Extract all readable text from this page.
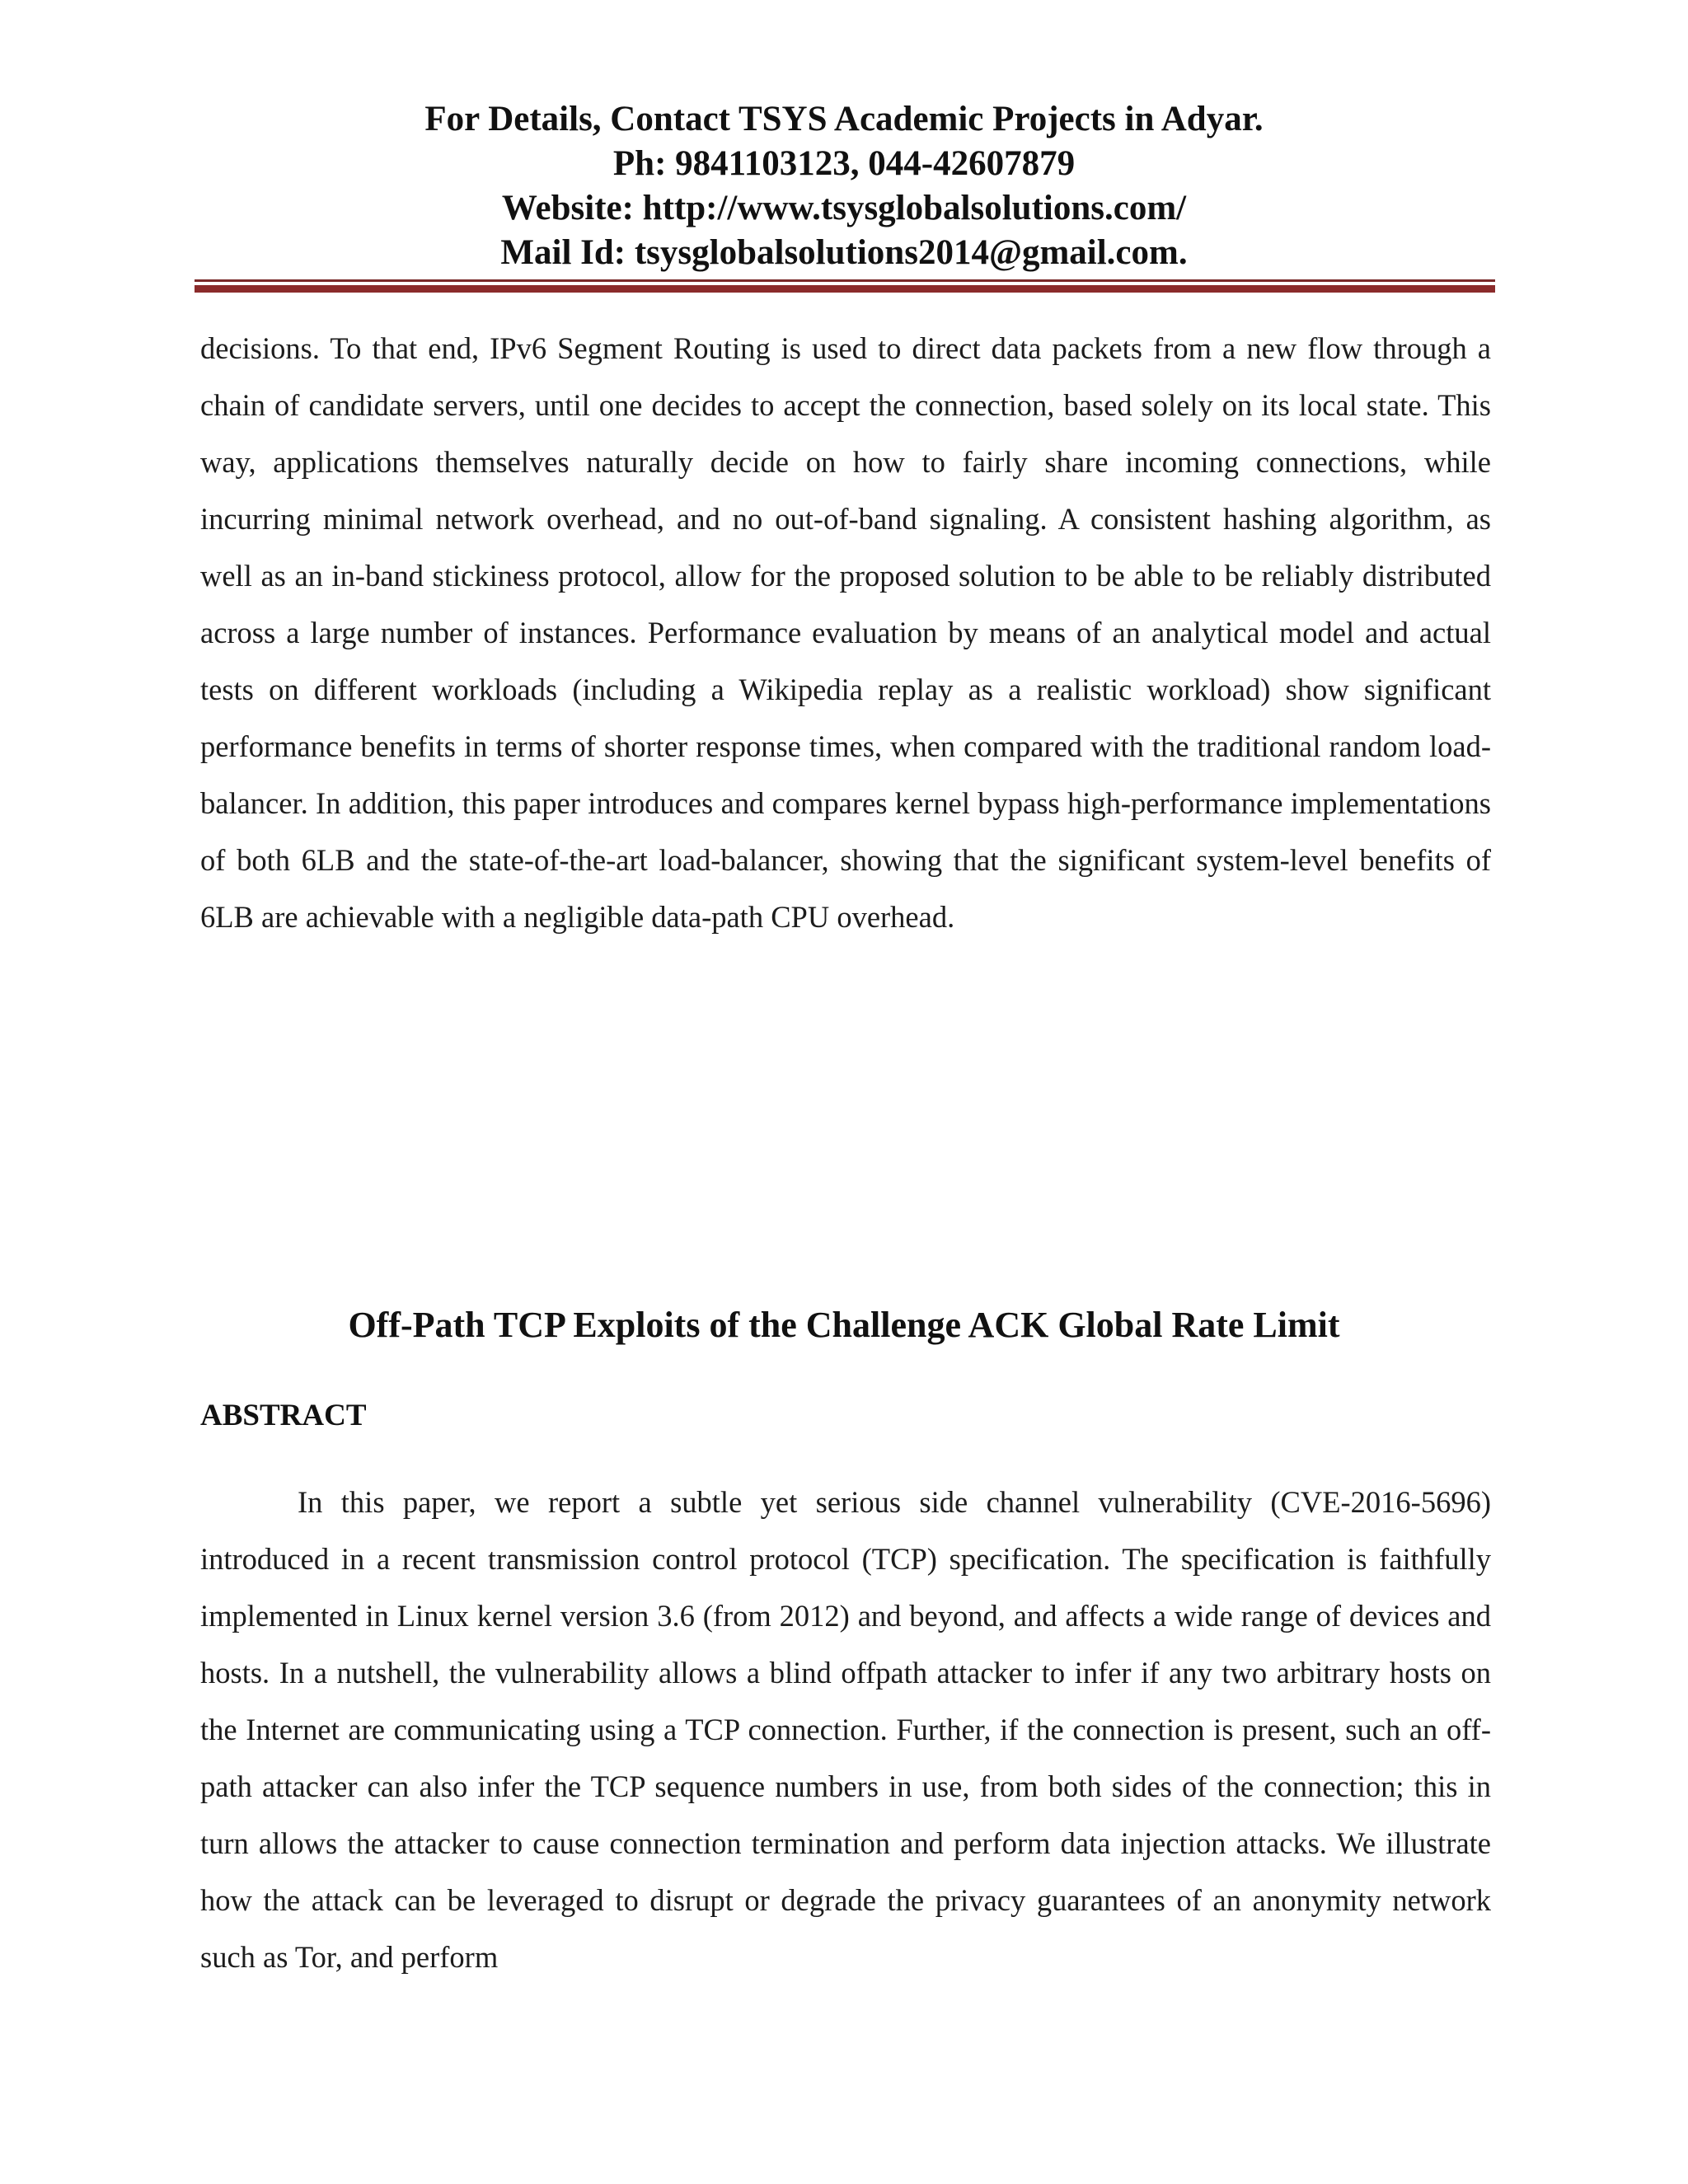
For Details, Contact TSYS Academic Projects in Adyar.
Ph: 9841103123, 044-42607879
Website: http://www.tsysglobalsolutions.com/
Mail Id: tsysglobalsolutions2014@gmail.com.

decisions. To that end, IPv6 Segment Routing is used to direct data packets from a new flow through a chain of candidate servers, until one decides to accept the connection, based solely on its local state. This way, applications themselves naturally decide on how to fairly share incoming connections, while incurring minimal network overhead, and no out-of-band signaling. A consistent hashing algorithm, as well as an in-band stickiness protocol, allow for the proposed solution to be able to be reliably distributed across a large number of instances. Performance evaluation by means of an analytical model and actual tests on different workloads (including a Wikipedia replay as a realistic workload) show significant performance benefits in terms of shorter response times, when compared with the traditional random load-balancer. In addition, this paper introduces and compares kernel bypass high-performance implementations of both 6LB and the state-of-the-art load-balancer, showing that the significant system-level benefits of 6LB are achievable with a negligible data-path CPU overhead.

Off-Path TCP Exploits of the Challenge ACK Global Rate Limit
ABSTRACT

In this paper, we report a subtle yet serious side channel vulnerability (CVE-2016-5696) introduced in a recent transmission control protocol (TCP) specification. The specification is faithfully implemented in Linux kernel version 3.6 (from 2012) and beyond, and affects a wide range of devices and hosts. In a nutshell, the vulnerability allows a blind offpath attacker to infer if any two arbitrary hosts on the Internet are communicating using a TCP connection. Further, if the connection is present, such an off-path attacker can also infer the TCP sequence numbers in use, from both sides of the connection; this in turn allows the attacker to cause connection termination and perform data injection attacks. We illustrate how the attack can be leveraged to disrupt or degrade the privacy guarantees of an anonymity network such as Tor, and perform
